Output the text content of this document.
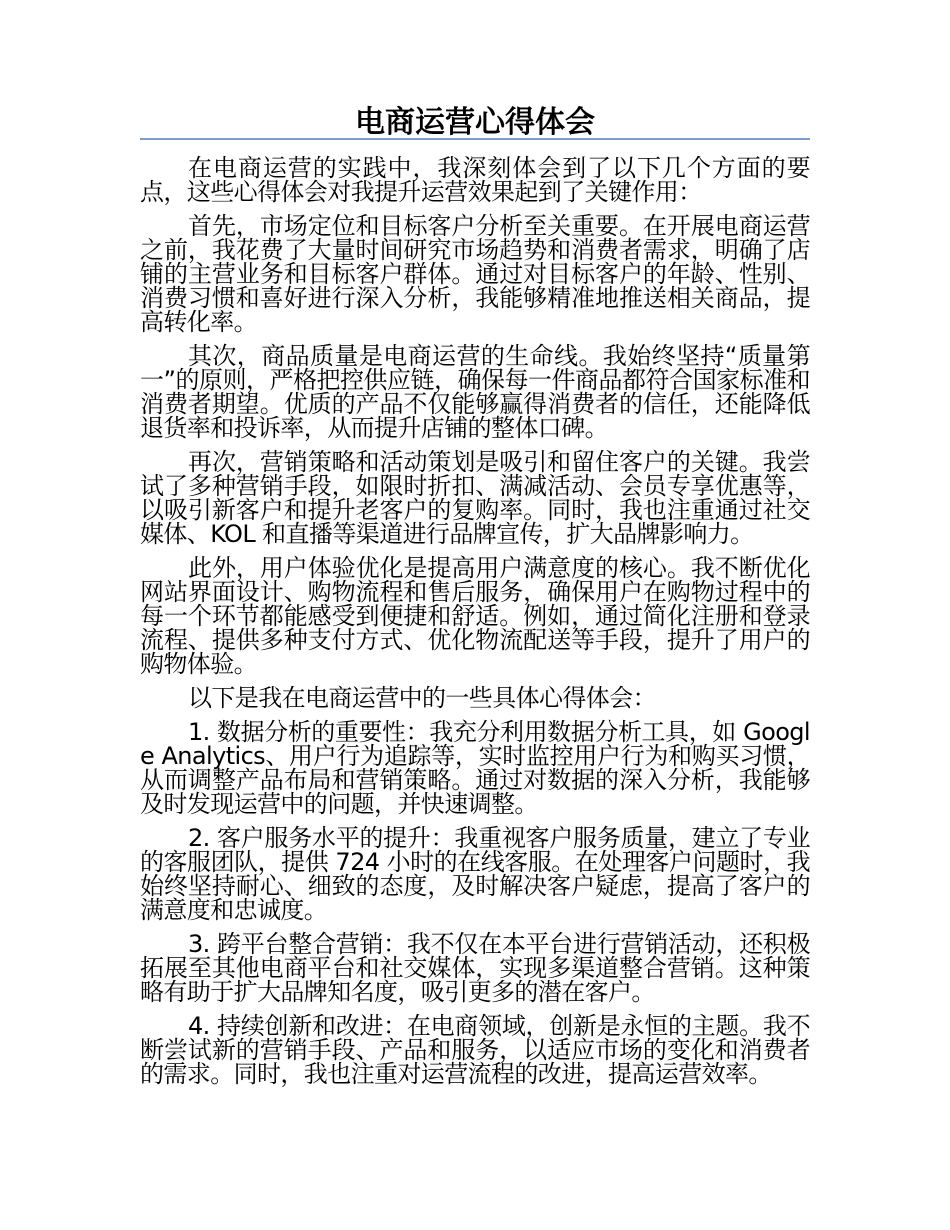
电商运营心得体会

在电商运营的实践中，我深刻体会到了以下几个方面的要点，这些心得体会对我提升运营效果起到了关键作用：

首先，市场定位和目标客户分析至关重要。在开展电商运营之前，我花费了大量时间研究市场趋势和消费者需求，明确了店铺的主营业务和目标客户群体。通过对目标客户的年龄、性别、消费习惯和喜好进行深入分析，我能够精准地推送相关商品，提高转化率。

其次，商品质量是电商运营的生命线。我始终坚持“质量第一”的原则，严格把控供应链，确保每一件商品都符合国家标准和消费者期望。优质的产品不仅能够赢得消费者的信任，还能降低退货率和投诉率，从而提升店铺的整体口碑。

再次，营销策略和活动策划是吸引和留住客户的关键。我尝试了多种营销手段，如限时折扣、满减活动、会员专享优惠等，以吸引新客户和提升老客户的复购率。同时，我也注重通过社交媒体、KOL 和直播等渠道进行品牌宣传，扩大品牌影响力。

此外，用户体验优化是提高用户满意度的核心。我不断优化网站界面设计、购物流程和售后服务，确保用户在购物过程中的每一个环节都能感受到便捷和舒适。例如，通过简化注册和登录流程、提供多种支付方式、优化物流配送等手段，提升了用户的购物体验。

以下是我在电商运营中的一些具体心得体会：

1. 数据分析的重要性：我充分利用数据分析工具，如 Google Analytics、用户行为追踪等，实时监控用户行为和购买习惯，从而调整产品布局和营销策略。通过对数据的深入分析，我能够及时发现运营中的问题，并快速调整。

2. 客户服务水平的提升：我重视客户服务质量，建立了专业的客服团队，提供 724 小时的在线客服。在处理客户问题时，我始终坚持耐心、细致的态度，及时解决客户疑虑，提高了客户的满意度和忠诚度。

3. 跨平台整合营销：我不仅在本平台进行营销活动，还积极拓展至其他电商平台和社交媒体，实现多渠道整合营销。这种策略有助于扩大品牌知名度，吸引更多的潜在客户。

4. 持续创新和改进：在电商领域，创新是永恒的主题。我不断尝试新的营销手段、产品和服务，以适应市场的变化和消费者的需求。同时，我也注重对运营流程的改进，提高运营效率。
